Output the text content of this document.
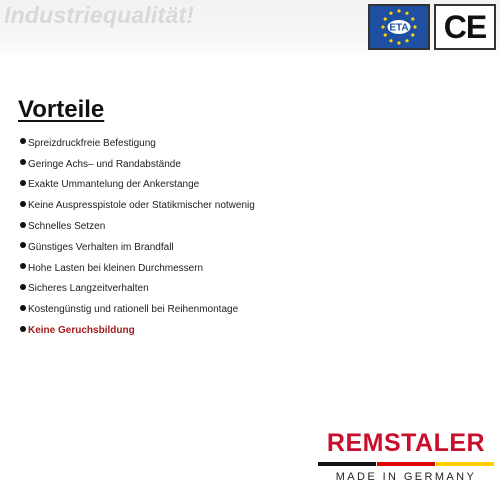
Industriequalität!	ETA CE
Vorteile
Spreizdruckfreie Befestigung
Geringe Achs– und Randabstände
Exakte Ummantelung der Ankerstange
Keine Auspresspistole oder Statikmischer notwenig
Schnelles Setzen
Günstiges Verhalten im Brandfall
Hohe Lasten bei kleinen Durchmessern
Sicheres Langzeitverhalten
Kostengünstig und rationell bei Reihenmontage
Keine Geruchsbildung
REMSTALER
MADE IN GERMANY
